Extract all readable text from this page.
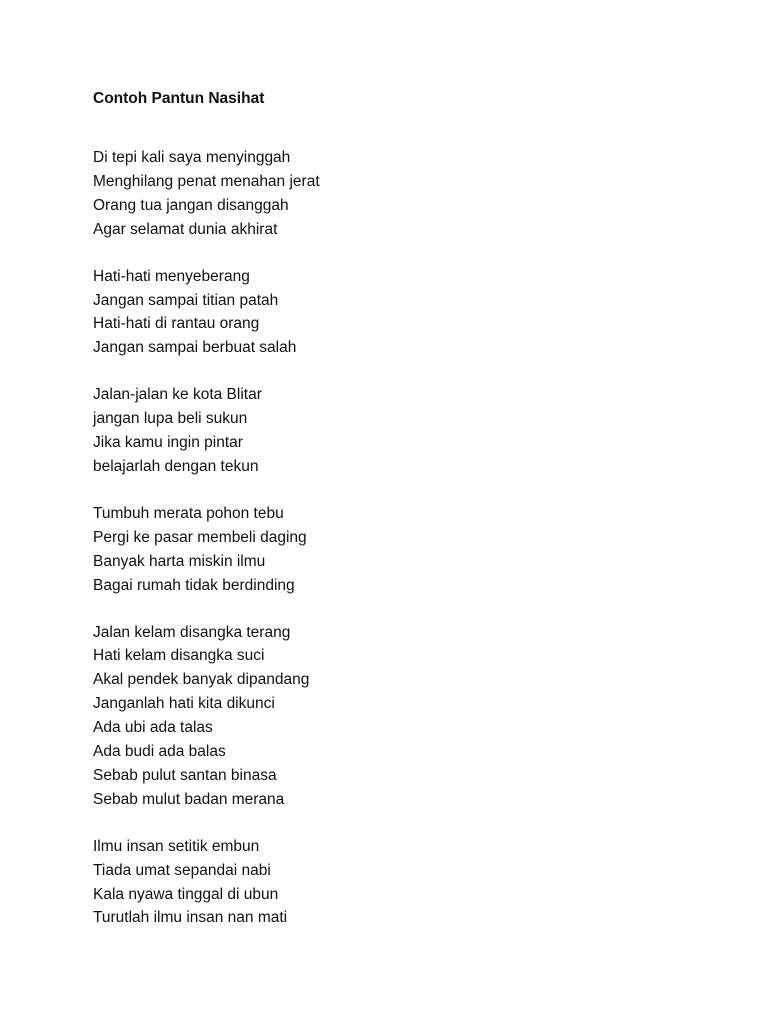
Contoh Pantun Nasihat
Di tepi kali saya menyinggah
Menghilang penat menahan jerat
Orang tua jangan disanggah
Agar selamat dunia akhirat
Hati-hati menyeberang
Jangan sampai titian patah
Hati-hati di rantau orang
Jangan sampai berbuat salah
Jalan-jalan ke kota Blitar
jangan lupa beli sukun
Jika kamu ingin pintar
belajarlah dengan tekun
Tumbuh merata pohon tebu
Pergi ke pasar membeli daging
Banyak harta miskin ilmu
Bagai rumah tidak berdinding
Jalan kelam disangka terang
Hati kelam disangka suci
Akal pendek banyak dipandang
Janganlah hati kita dikunci
Ada ubi ada talas
Ada budi ada balas
Sebab pulut santan binasa
Sebab mulut badan merana
Ilmu insan setitik embun
Tiada umat sepandai nabi
Kala nyawa tinggal di ubun
Turutlah ilmu insan nan mati
